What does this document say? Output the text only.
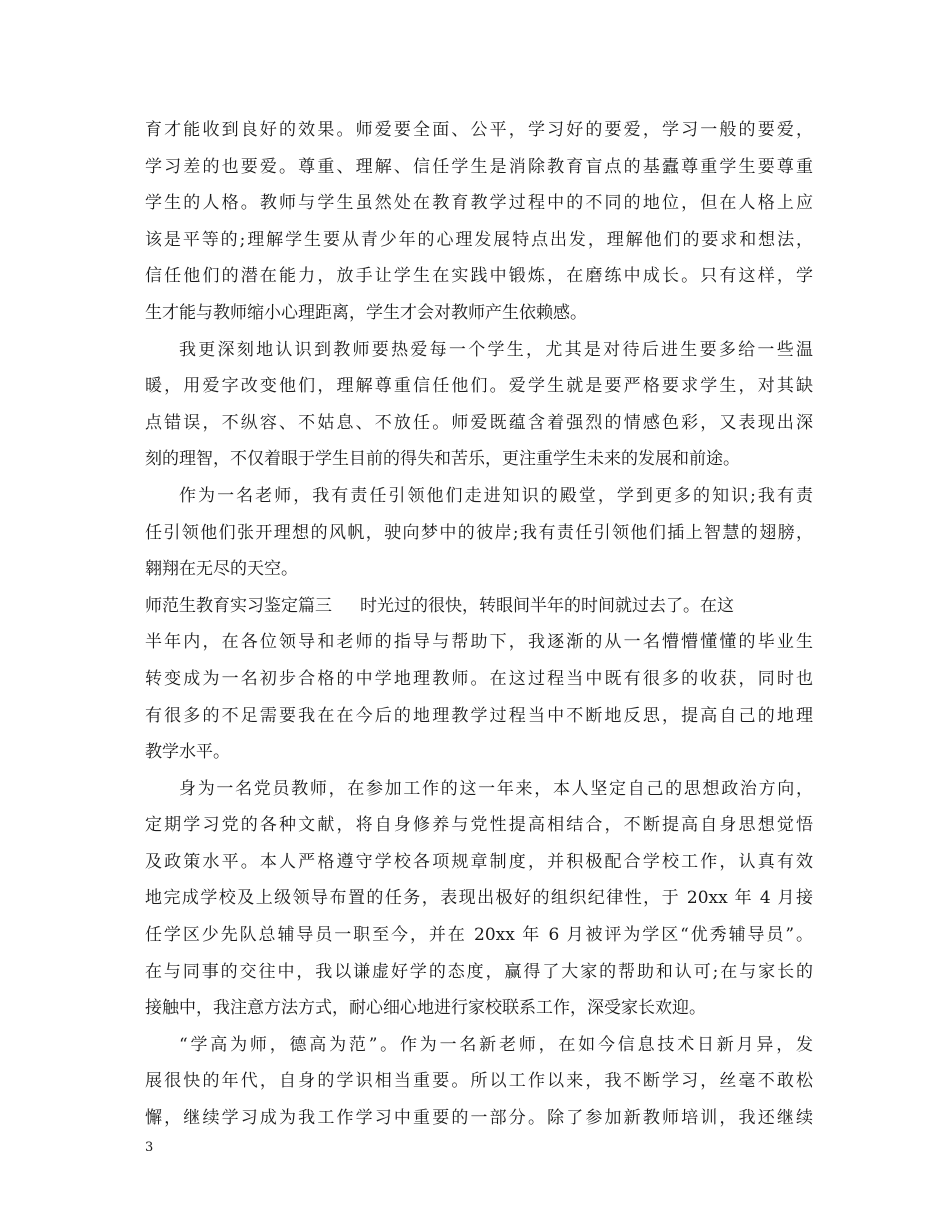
育才能收到良好的效果。师爱要全面、公平，学习好的要爱，学习一般的要爱，
学习差的也要爱。尊重、理解、信任学生是消除教育盲点的基蠹尊重学生要尊重
学生的人格。教师与学生虽然处在教育教学过程中的不同的地位，但在人格上应
该是平等的;理解学生要从青少年的心理发展特点出发，理解他们的要求和想法，
信任他们的潜在能力，放手让学生在实践中锻炼，在磨练中成长。只有这样，学
生才能与教师缩小心理距离，学生才会对教师产生依赖感。
我更深刻地认识到教师要热爱每一个学生，尤其是对待后进生要多给一些温
暖，用爱字改变他们，理解尊重信任他们。爱学生就是要严格要求学生，对其缺
点错误，不纵容、不姑息、不放任。师爱既蕴含着强烈的情感色彩，又表现出深
刻的理智，不仅着眼于学生目前的得失和苦乐，更注重学生未来的发展和前途。
作为一名老师，我有责任引领他们走进知识的殿堂，学到更多的知识;我有责
任引领他们张开理想的风帆，驶向梦中的彼岸;我有责任引领他们插上智慧的翅膀，
翱翔在无尽的天空。
师范生教育实习鉴定篇三 时光过的很快，转眼间半年的时间就过去了。在这
半年内，在各位领导和老师的指导与帮助下，我逐渐的从一名懵懵懂懂的毕业生
转变成为一名初步合格的中学地理教师。在这过程当中既有很多的收获，同时也
有很多的不足需要我在在今后的地理教学过程当中不断地反思，提高自己的地理
教学水平。
身为一名党员教师，在参加工作的这一年来，本人坚定自己的思想政治方向，
定期学习党的各种文献，将自身修养与党性提高相结合，不断提高自身思想觉悟
及政策水平。本人严格遵守学校各项规章制度，并积极配合学校工作，认真有效
地完成学校及上级领导布置的任务，表现出极好的组织纪律性，于 20xx 年 4 月接
任学区少先队总辅导员一职至今，并在 20xx 年 6 月被评为学区“优秀辅导员”。
在与同事的交往中，我以谦虚好学的态度，赢得了大家的帮助和认可;在与家长的
接触中，我注意方法方式，耐心细心地进行家校联系工作，深受家长欢迎。
“学高为师，德高为范”。作为一名新老师，在如今信息技术日新月异，发
展很快的年代，自身的学识相当重要。所以工作以来，我不断学习，丝毫不敢松
懈，继续学习成为我工作学习中重要的一部分。除了参加新教师培训，我还继续
3
